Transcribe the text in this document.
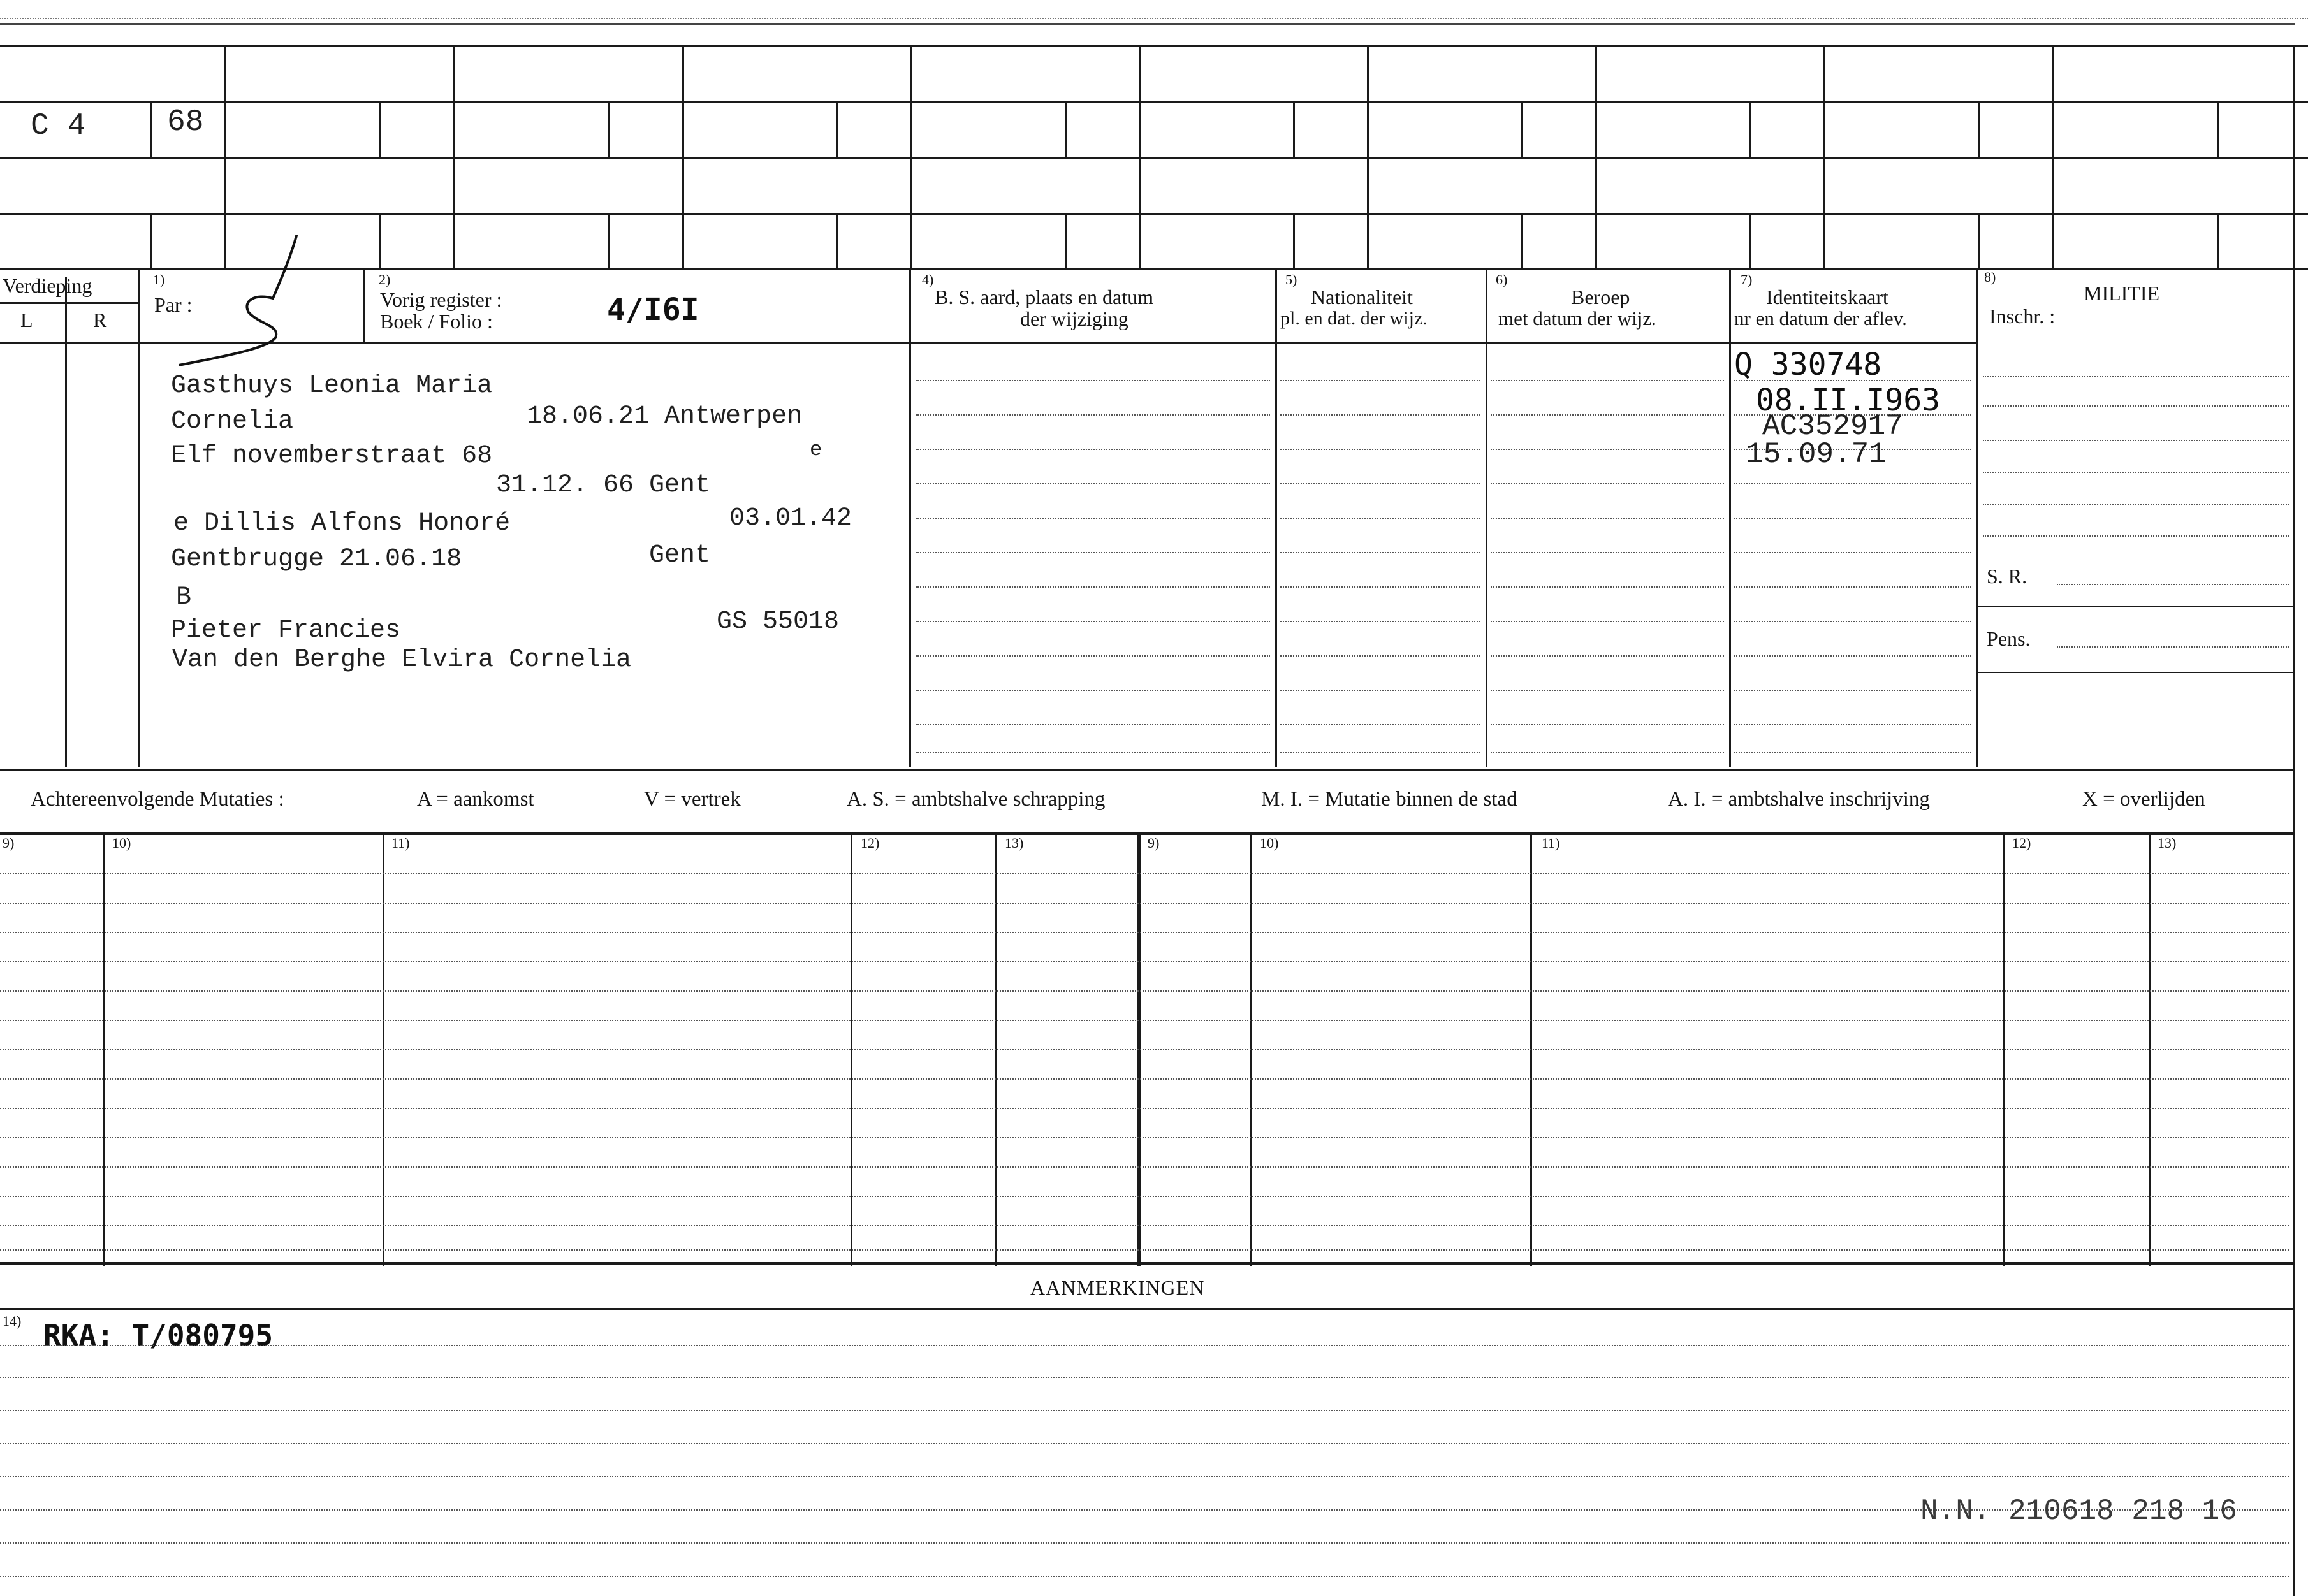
C 4	68
Verdieping
L	R
1)
Par :
2)
Vorig register :
Boek / Folio :	4/I6I
4)
B. S. aard, plaats en datum
der wijziging
5)
Nationaliteit
pl. en dat. der wijz.
6)
Beroep
met datum der wijz.
7)
Identiteitskaart
nr en datum der aflev.
8)
MILITIE
Inschr. :
S. R.
Pens.
Gasthuys Leonia Maria
Cornelia	18.06.21 Antwerpen
Elf novemberstraat 68	e
31.12. 66 Gent
e Dillis Alfons Honoré	03.01.42
Gentbrugge 21.06.18	Gent
B
Pieter Francies	GS 55018
Van den Berghe Elvira Cornelia
Q 330748
08.II.I963
AC352917
15.09.71
Achtereenvolgende Mutaties :	A = aankomst	V = vertrek	A. S. = ambtshalve schrapping	M. I. = Mutatie binnen de stad	A. I. = ambtshalve inschrijving	X = overlijden
9)	10)	11)	12)	13)	9)	10)	11)	12)	13)
AANMERKINGEN
14) RKA: T/080795
N.N. 210618 218 16
